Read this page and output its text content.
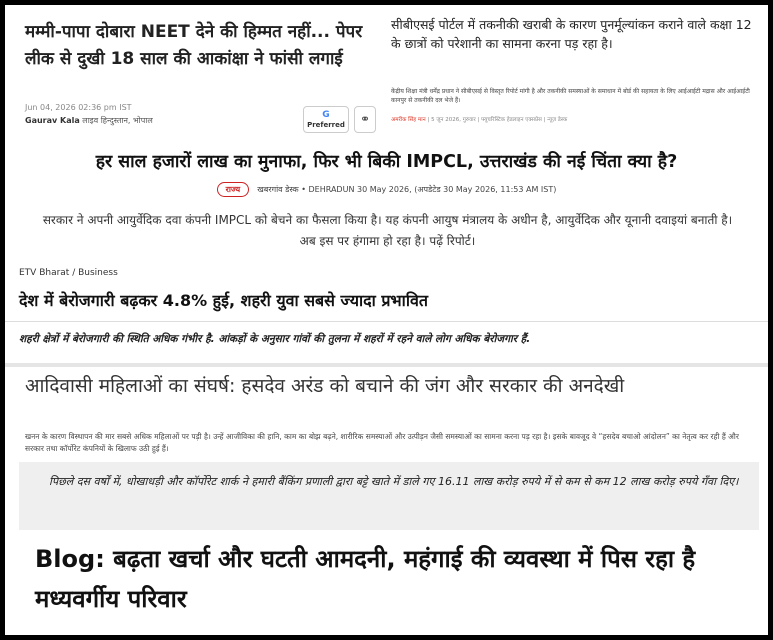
मम्मी-पापा दोबारा NEET देने की हिम्मत नहीं... पेपर लीक से दुखी 18 साल की आकांक्षा ने फांसी लगाई
Jun 04, 2026 02:36 pm IST
Gaurav Kala लाइव हिन्दुस्तान, भोपाल
G
Preferred	⚭
सीबीएसई पोर्टल में तकनीकी खराबी के कारण पुनर्मूल्यांकन कराने वाले कक्षा 12 के छात्रों को परेशानी का सामना करना पड़ रहा है।
केंद्रीय शिक्षा मंत्री धर्मेंद्र प्रधान ने सीबीएसई से विस्तृत रिपोर्ट मांगी है और तकनीकी समस्याओं के समाधान में बोर्ड की सहायता के लिए आईआईटी मद्रास और आईआईटी कानपुर से तकनीकी दल भेजे हैं।
अमरीक सिंह मान | 5 जून 2026, गुरुवार | फ्यूचरिस्टिक हेडलाइन एक्सप्रेस | न्यूज़ डेस्क
हर साल हजारों लाख का मुनाफा, फिर भी बिकी IMPCL, उत्तराखंड की नई चिंता क्या है?
राज्य खबरगांव डेस्क • DEHRADUN 30 May 2026, (अपडेटेड 30 May 2026, 11:53 AM IST)
सरकार ने अपनी आयुर्वेदिक दवा कंपनी IMPCL को बेचने का फैसला किया है। यह कंपनी आयुष मंत्रालय के अधीन है, आयुर्वेदिक और यूनानी दवाइयां बनाती है। अब इस पर हंगामा हो रहा है। पढ़ें रिपोर्ट।
ETV Bharat / Business
देश में बेरोजगारी बढ़कर 4.8% हुई, शहरी युवा सबसे ज्यादा प्रभावित
शहरी क्षेत्रों में बेरोजगारी की स्थिति अधिक गंभीर है. आंकड़ों के अनुसार गांवों की तुलना में शहरों में रहने वाले लोग अधिक बेरोजगार हैं.
आदिवासी महिलाओं का संघर्ष: हसदेव अरंड को बचाने की जंग और सरकार की अनदेखी
खनन के कारण विस्थापन की मार सबसे अधिक महिलाओं पर पड़ी है। उन्हें आजीविका की हानि, काम का बोझ बढ़ने, शारीरिक समस्याओं और उत्पीड़न जैसी समस्याओं का सामना करना पड़ रहा है। इसके बावजूद वे “हसदेव बचाओ आंदोलन” का नेतृत्व कर रही हैं और सरकार तथा कॉर्पोरेट कंपनियों के खिलाफ उठी हुई हैं।
पिछले दस वर्षों में, धोखाधड़ी और कॉर्पोरेट शार्क ने हमारी बैंकिंग प्रणाली द्वारा बट्टे खाते में डाले गए 16.11 लाख करोड़ रुपये में से कम से कम 12 लाख करोड़ रुपये गँवा दिए।
Blog: बढ़ता खर्चा और घटती आमदनी, महंगाई की व्यवस्था में पिस रहा है मध्यवर्गीय परिवार
